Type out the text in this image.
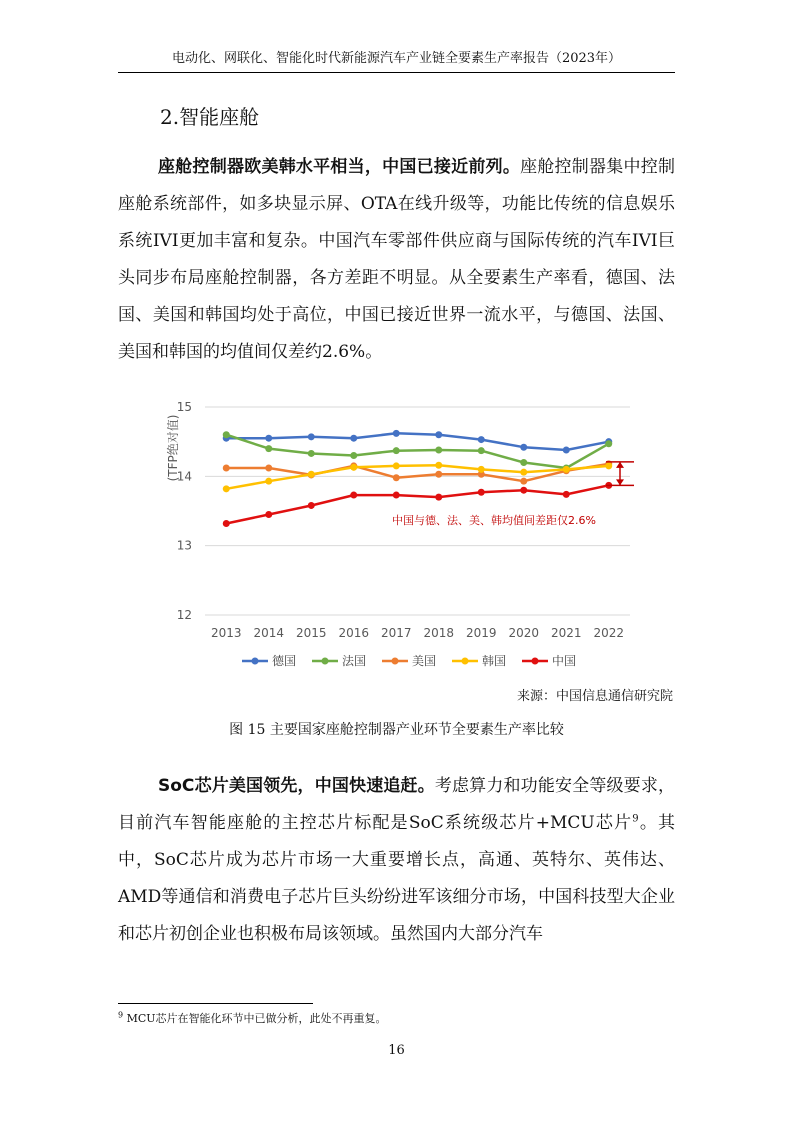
电动化、网联化、智能化时代新能源汽车产业链全要素生产率报告（2023年）
2.智能座舱

座舱控制器欧美韩水平相当，中国已接近前列。座舱控制器集中控制座舱系统部件，如多块显示屏、OTA在线升级等，功能比传统的信息娱乐系统IVI更加丰富和复杂。中国汽车零部件供应商与国际传统的汽车IVI巨头同步布局座舱控制器，各方差距不明显。从全要素生产率看，德国、法国、美国和韩国均处于高位，中国已接近世界一流水平，与德国、法国、美国和韩国的均值间仅差约2.6%。

12
13
14
15
2013 2014 2015 2016 2017 2018 2019 2020 2021 2022
(TFP绝对值)
中国与德、法、美、韩均值间差距仅2.6%
德国	法国	美国	韩国	中国
来源：中国信息通信研究院
图 15 主要国家座舱控制器产业环节全要素生产率比较

SoC芯片美国领先，中国快速追赶。考虑算力和功能安全等级要求，目前汽车智能座舱的主控芯片标配是SoC系统级芯片+MCU芯片$^9$。其中，SoC芯片成为芯片市场一大重要增长点，高通、英特尔、英伟达、AMD等通信和消费电子芯片巨头纷纷进军该细分市场，中国科技型大企业和芯片初创企业也积极布局该领域。虽然国内大部分汽车

$^9$ MCU芯片在智能化环节中已做分析，此处不再重复。
16
